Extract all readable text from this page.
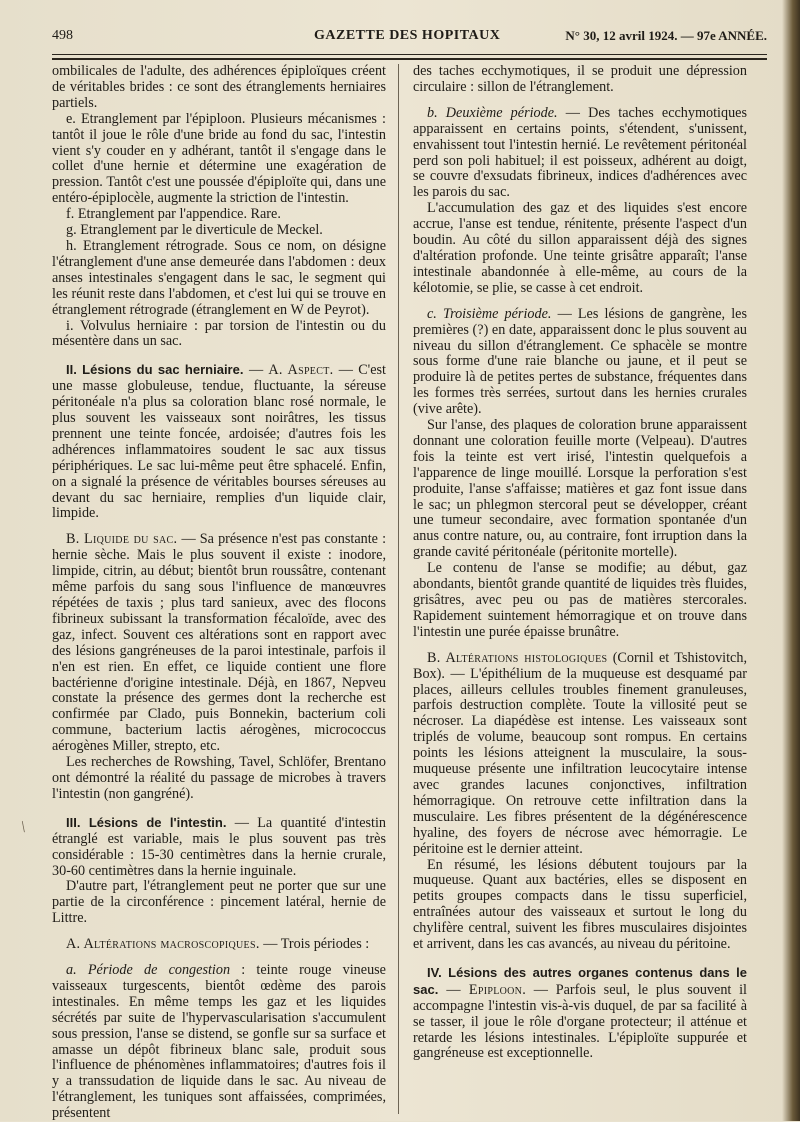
498	GAZETTE DES HOPITAUX	N° 30, 12 avril 1924. — 97e ANNÉE.

ombilicales de l'adulte, des adhérences épiploïques créent de véritables brides : ce sont des étranglements herniaires partiels.

e. Etranglement par l'épiploon. Plusieurs mécanismes : tantôt il joue le rôle d'une bride au fond du sac, l'intestin vient s'y couder en y adhérant, tantôt il s'engage dans le collet d'une hernie et détermine une exagération de pression. Tantôt c'est une poussée d'épiploïte qui, dans une entéro-épiplocèle, augmente la striction de l'intestin.

f. Etranglement par l'appendice. Rare.

g. Etranglement par le diverticule de Meckel.

h. Etranglement rétrograde. Sous ce nom, on désigne l'étranglement d'une anse demeurée dans l'abdomen : deux anses intestinales s'engagent dans le sac, le segment qui les réunit reste dans l'abdomen, et c'est lui qui se trouve en étranglement rétrograde (étranglement en W de Peyrot).

i. Volvulus herniaire : par torsion de l'intestin ou du mésentère dans un sac.

II. Lésions du sac herniaire. — A. Aspect. — C'est une masse globuleuse, tendue, fluctuante, la séreuse péritonéale n'a plus sa coloration blanc rosé normale, le plus souvent les vaisseaux sont noirâtres, les tissus prennent une teinte foncée, ardoisée; d'autres fois les adhérences inflammatoires soudent le sac aux tissus périphériques. Le sac lui-même peut être sphacelé. Enfin, on a signalé la présence de véritables bourses séreuses au devant du sac herniaire, remplies d'un liquide clair, limpide.

B. Liquide du sac. — Sa présence n'est pas constante : hernie sèche. Mais le plus souvent il existe : inodore, limpide, citrin, au début; bientôt brun roussâtre, contenant même parfois du sang sous l'influence de manœuvres répétées de taxis ; plus tard sanieux, avec des flocons fibrineux subissant la transformation fécaloïde, avec des gaz, infect. Souvent ces altérations sont en rapport avec des lésions gangréneuses de la paroi intestinale, parfois il n'en est rien. En effet, ce liquide contient une flore bactérienne d'origine intestinale. Déjà, en 1867, Nepveu constate la présence des germes dont la recherche est confirmée par Clado, puis Bonnekin, bacterium coli commune, bacterium lactis aérogènes, micrococcus aérogènes Miller, strepto, etc.

Les recherches de Rowshing, Tavel, Schlöfer, Brentano ont démontré la réalité du passage de microbes à travers l'intestin (non gangréné).

III. Lésions de l'intestin. — La quantité d'intestin étranglé est variable, mais le plus souvent pas très considérable : 15-30 centimètres dans la hernie crurale, 30-60 centimètres dans la hernie inguinale.

D'autre part, l'étranglement peut ne porter que sur une partie de la circonférence : pincement latéral, hernie de Littre.

A. Altérations macroscopiques. — Trois périodes :

a. Période de congestion : teinte rouge vineuse vaisseaux turgescents, bientôt œdème des parois intestinales. En même temps les gaz et les liquides sécrétés par suite de l'hypervascularisation s'accumulent sous pression, l'anse se distend, se gonfle sur sa surface et amasse un dépôt fibrineux blanc sale, produit sous l'influence de phénomènes inflammatoires; d'autres fois il y a transsudation de liquide dans le sac. Au niveau de l'étranglement, les tuniques sont affaissées, comprimées, présentent

des taches ecchymotiques, il se produit une dépression circulaire : sillon de l'étranglement.

b. Deuxième période. — Des taches ecchymotiques apparaissent en certains points, s'étendent, s'unissent, envahissent tout l'intestin hernié. Le revêtement péritonéal perd son poli habituel; il est poisseux, adhérent au doigt, se couvre d'exsudats fibrineux, indices d'adhérences avec les parois du sac.

L'accumulation des gaz et des liquides s'est encore accrue, l'anse est tendue, rénitente, présente l'aspect d'un boudin. Au côté du sillon apparaissent déjà des signes d'altération profonde. Une teinte grisâtre apparaît; l'anse intestinale abandonnée à elle-même, au cours de la kélotomie, se plie, se casse à cet endroit.

c. Troisième période. — Les lésions de gangrène, les premières (?) en date, apparaissent donc le plus souvent au niveau du sillon d'étranglement. Ce sphacèle se montre sous forme d'une raie blanche ou jaune, et il peut se produire là de petites pertes de substance, fréquentes dans les formes très serrées, surtout dans les hernies crurales (vive arête).

Sur l'anse, des plaques de coloration brune apparaissent donnant une coloration feuille morte (Velpeau). D'autres fois la teinte est vert irisé, l'intestin quelquefois a l'apparence de linge mouillé. Lorsque la perforation s'est produite, l'anse s'affaisse; matières et gaz font issue dans le sac; un phlegmon stercoral peut se développer, créant une tumeur secondaire, avec formation spontanée d'un anus contre nature, ou, au contraire, font irruption dans la grande cavité péritonéale (péritonite mortelle).

Le contenu de l'anse se modifie; au début, gaz abondants, bientôt grande quantité de liquides très fluides, grisâtres, avec peu ou pas de matières stercorales. Rapidement suintement hémorragique et on trouve dans l'intestin une purée épaisse brunâtre.

B. Altérations histologiques (Cornil et Tshistovitch, Box). — L'épithélium de la muqueuse est desquamé par places, ailleurs cellules troubles finement granuleuses, parfois destruction complète. Toute la villosité peut se nécroser. La diapédèse est intense. Les vaisseaux sont triplés de volume, beaucoup sont rompus. En certains points les lésions atteignent la musculaire, la sous-muqueuse présente une infiltration leucocytaire intense avec grandes lacunes conjonctives, infiltration hémorragique. On retrouve cette infiltration dans la musculaire. Les fibres présentent de la dégénérescence hyaline, des foyers de nécrose avec hémorragie. Le péritoine est le dernier atteint.

En résumé, les lésions débutent toujours par la muqueuse. Quant aux bactéries, elles se disposent en petits groupes compacts dans le tissu superficiel, entraînées autour des vaisseaux et surtout le long du chylifère central, suivent les fibres musculaires disjointes et arrivent, dans les cas avancés, au niveau du péritoine.

IV. Lésions des autres organes contenus dans le sac. — Epiploon. — Parfois seul, le plus souvent il accompagne l'intestin vis-à-vis duquel, de par sa facilité à se tasser, il joue le rôle d'organe protecteur; il atténue et retarde les lésions intestinales. L'épiploïte suppurée et gangréneuse est exceptionnelle.

/
